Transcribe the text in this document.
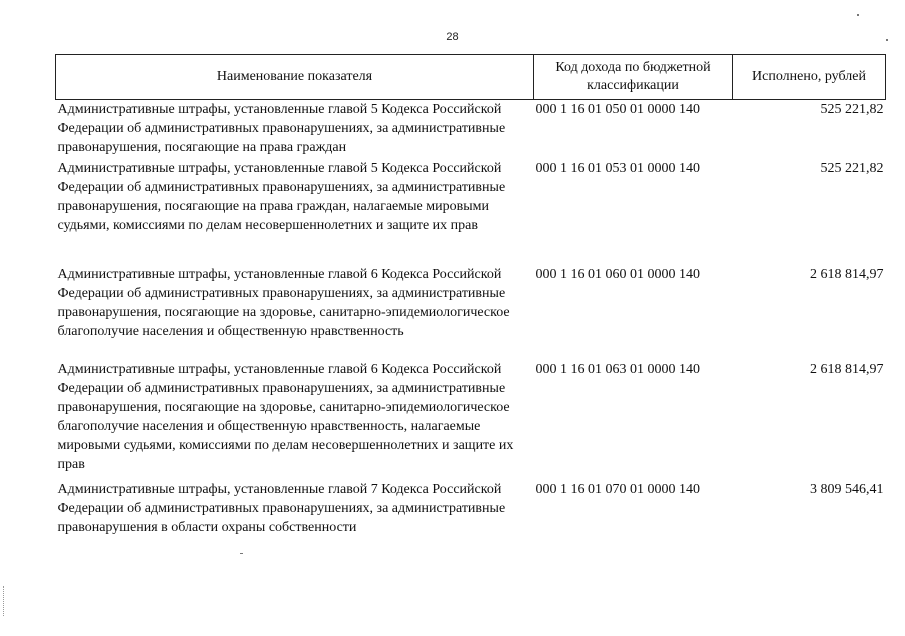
28
Наименование показателя	Код дохода по бюджетной классификации	Исполнено, рублей
Административные штрафы, установленные главой 5 Кодекса Российской Федерации об административных правонарушениях, за административные правонарушения, посягающие на права граждан	000 1 16 01 050 01 0000 140	525 221,82
Административные штрафы, установленные главой 5 Кодекса Российской Федерации об административных правонарушениях, за административные правонарушения, посягающие на права граждан, налагаемые мировыми судьями, комиссиями по делам несовершеннолетних и защите их прав	000 1 16 01 053 01 0000 140	525 221,82
Административные штрафы, установленные главой 6 Кодекса Российской Федерации об административных правонарушениях, за административные правонарушения, посягающие на здоровье, санитарно-эпидемиологическое благополучие населения и общественную нравственность	000 1 16 01 060 01 0000 140	2 618 814,97
Административные штрафы, установленные главой 6 Кодекса Российской Федерации об административных правонарушениях, за административные правонарушения, посягающие на здоровье, санитарно-эпидемиологическое благополучие населения и общественную нравственность, налагаемые мировыми судьями, комиссиями по делам несовершеннолетних и защите их прав	000 1 16 01 063 01 0000 140	2 618 814,97
Административные штрафы, установленные главой 7 Кодекса Российской Федерации об административных правонарушениях, за административные правонарушения в области охраны собственности	000 1 16 01 070 01 0000 140	3 809 546,41
